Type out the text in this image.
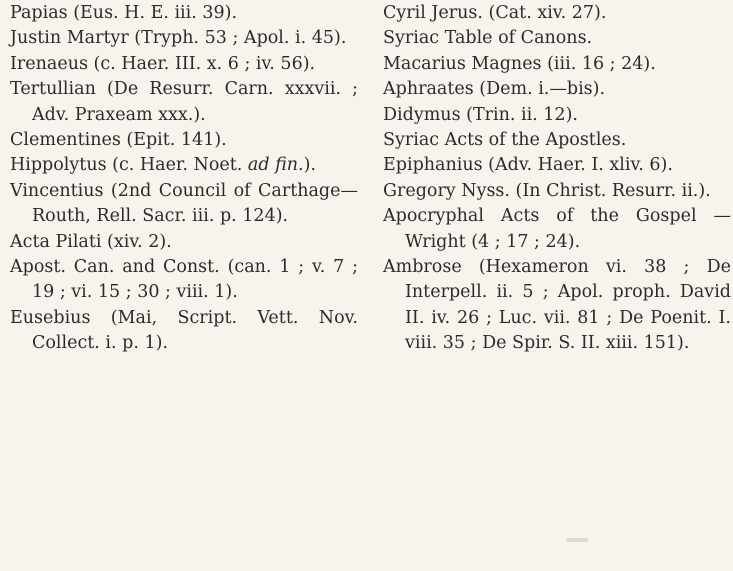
Papias (Eus. H. E. iii. 39).
Justin Martyr (Tryph. 53 ; Apol. i. 45).
Irenaeus (c. Haer. III. x. 6 ; iv. 56).
Tertullian (De Resurr. Carn. xxxvii. ; Adv. Praxeam xxx.).
Clementines (Epit. 141).
Hippolytus (c. Haer. Noet. ad fin.).
Vincentius (2nd Council of Carthage—Routh, Rell. Sacr. iii. p. 124).
Acta Pilati (xiv. 2).
Apost. Can. and Const. (can. 1 ; v. 7 ; 19 ; vi. 15 ; 30 ; viii. 1).
Eusebius (Mai, Script. Vett. Nov. Collect. i. p. 1).
Cyril Jerus. (Cat. xiv. 27).
Syriac Table of Canons.
Macarius Magnes (iii. 16 ; 24).
Aphraates (Dem. i.—bis).
Didymus (Trin. ii. 12).
Syriac Acts of the Apostles.
Epiphanius (Adv. Haer. I. xliv. 6).
Gregory Nyss. (In Christ. Resurr. ii.).
Apocryphal Acts of the Gospel —Wright (4 ; 17 ; 24).
Ambrose (Hexameron vi. 38 ; De Interpell. ii. 5 ; Apol. proph. David II. iv. 26 ; Luc. vii. 81 ; De Poenit. I. viii. 35 ; De Spir. S. II. xiii. 151).
